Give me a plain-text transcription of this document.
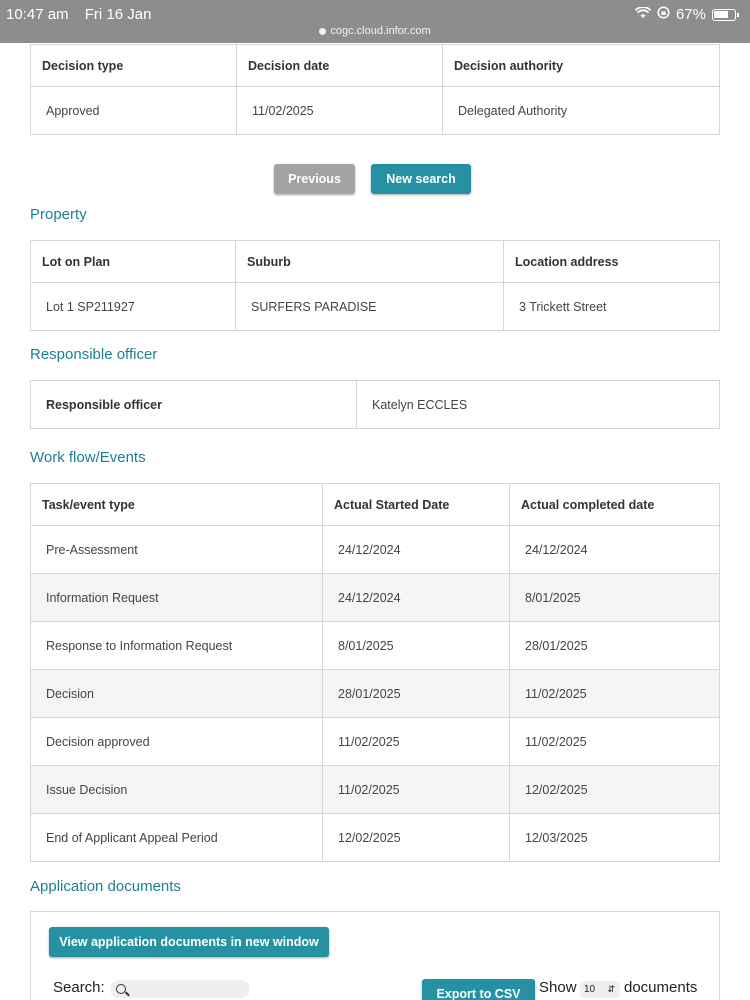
10:47 am Fri 16 Jan	67%
cogc.cloud.infor.com
Decision type	Decision date	Decision authority
Approved	11/02/2025	Delegated Authority
Previous	New search
Property
Lot on Plan	Suburb	Location address
Lot 1 SP211927	SURFERS PARADISE	3 Trickett Street
Responsible officer
Responsible officer	Katelyn ECCLES
Work flow/Events
Task/event type	Actual Started Date	Actual completed date
Pre-Assessment	24/12/2024	24/12/2024
Information Request	24/12/2024	8/01/2025
Response to Information Request	8/01/2025	28/01/2025
Decision	28/01/2025	11/02/2025
Decision approved	11/02/2025	11/02/2025
Issue Decision	11/02/2025	12/02/2025
End of Applicant Appeal Period	12/02/2025	12/03/2025
Application documents
View application documents in new window
Search:	Export to CSV	Show 10 ⇵ documents
